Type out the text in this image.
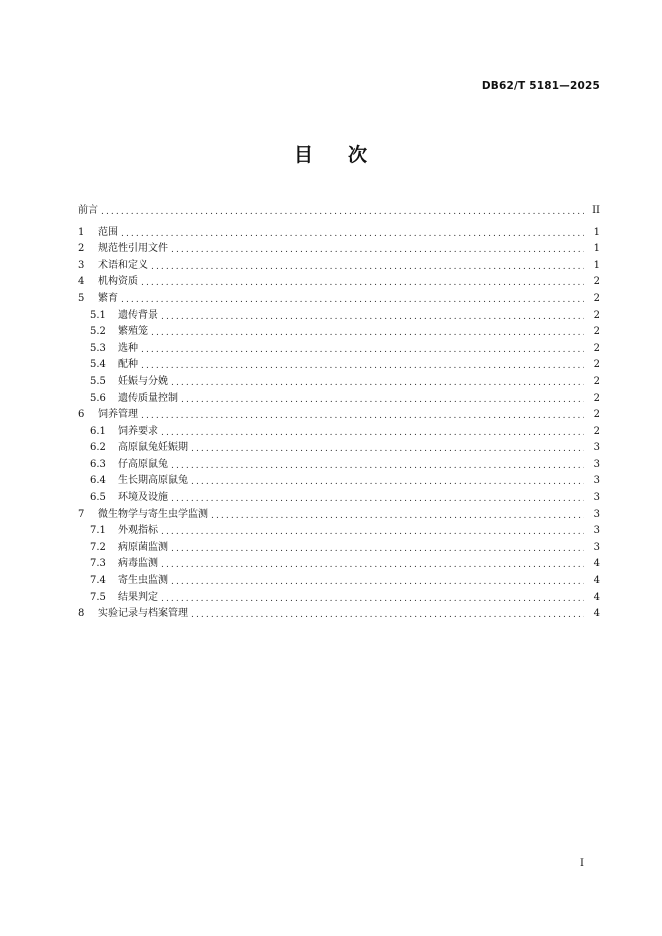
DB62/T 5181—2025
目 次
前言 .....	II
1	范围 .....	1
2	规范性引用文件 .....	1
3	术语和定义 .....	1
4	机构资质 .....	2
5	繁育 .....	2
5.1	遗传背景 .....	2
5.2	繁殖笼 .....	2
5.3	选种 .....	2
5.4	配种 .....	2
5.5	妊娠与分娩 .....	2
5.6	遗传质量控制 .....	2
6	饲养管理 .....	2
6.1	饲养要求 .....	2
6.2	高原鼠兔妊娠期 .....	3
6.3	仔高原鼠兔 .....	3
6.4	生长期高原鼠兔 .....	3
6.5	环境及设施 .....	3
7	微生物学与寄生虫学监测 .....	3
7.1	外观指标 .....	3
7.2	病原菌监测 .....	3
7.3	病毒监测 .....	4
7.4	寄生虫监测 .....	4
7.5	结果判定 .....	4
8	实验记录与档案管理 .....	4
I
